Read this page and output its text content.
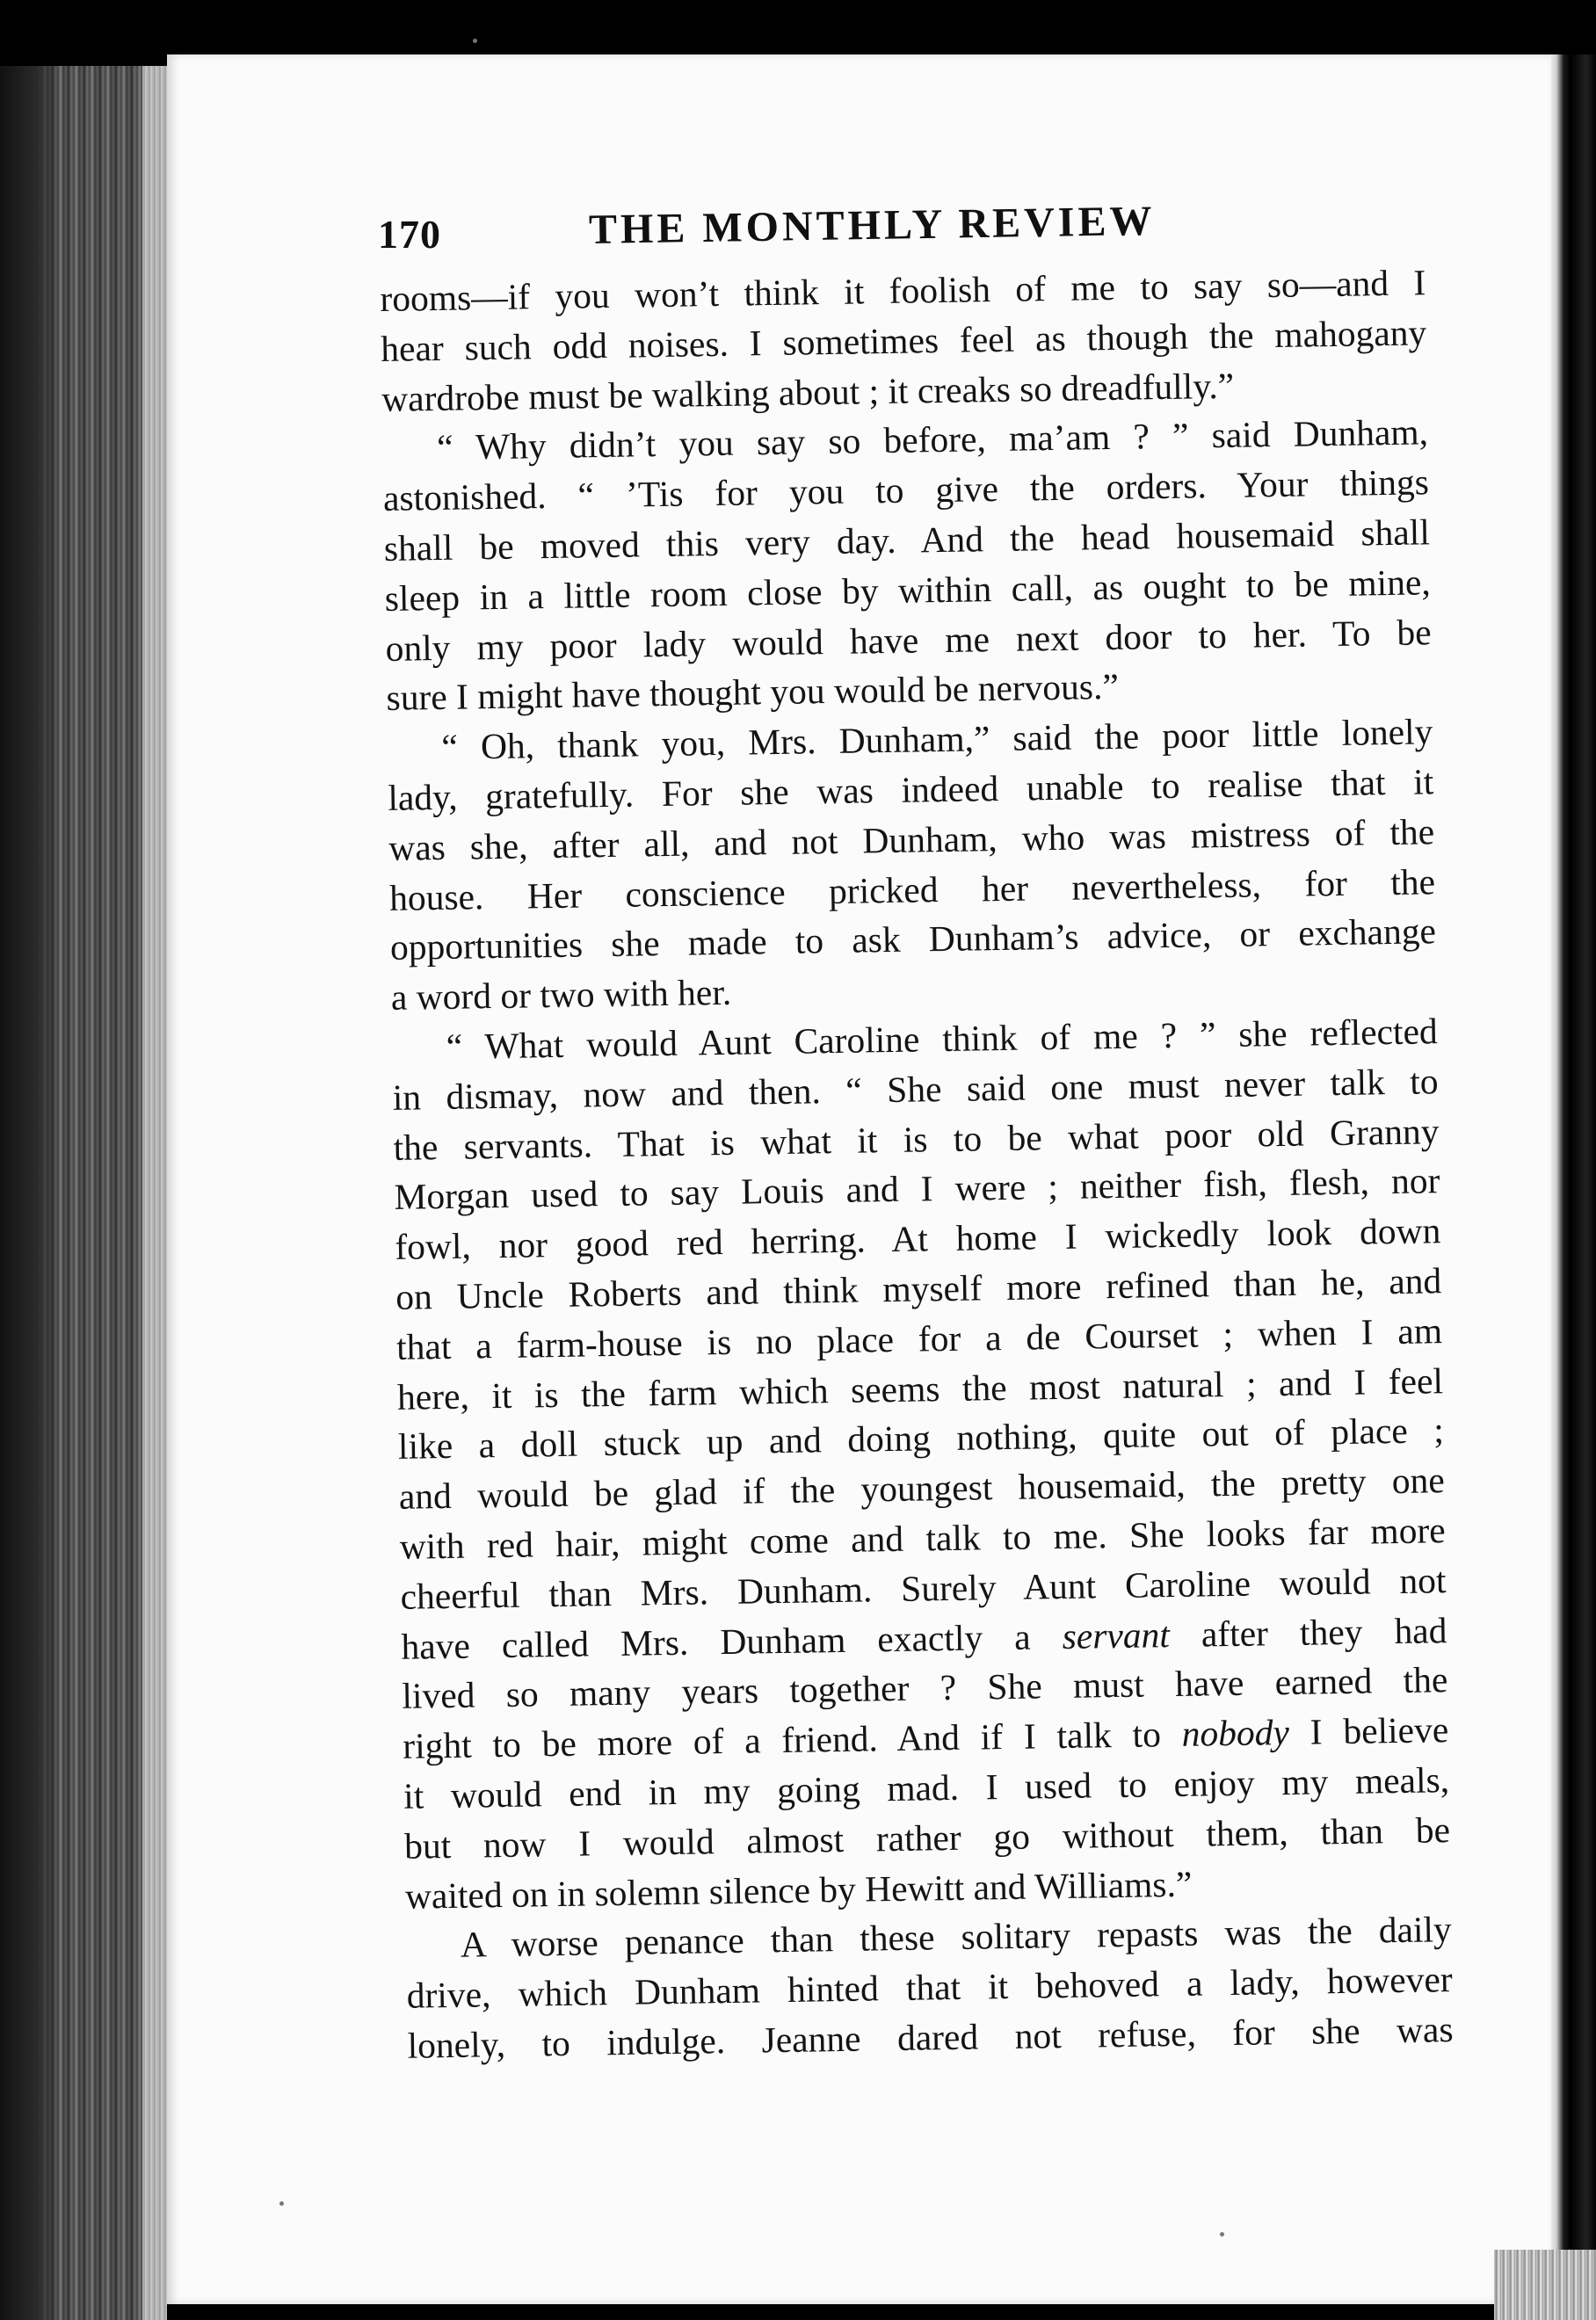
170	THE MONTHLY REVIEW
rooms—if you won’t think it foolish of me to say so—and I
hear such odd noises. I sometimes feel as though the mahogany
wardrobe must be walking about ; it creaks so dreadfully.”
“ Why didn’t you say so before, ma’am ? ” said Dunham,
astonished. “ ’Tis for you to give the orders. Your things
shall be moved this very day. And the head housemaid shall
sleep in a little room close by within call, as ought to be mine,
only my poor lady would have me next door to her. To be
sure I might have thought you would be nervous.”
“ Oh, thank you, Mrs. Dunham,” said the poor little lonely
lady, gratefully. For she was indeed unable to realise that it
was she, after all, and not Dunham, who was mistress of the
house. Her conscience pricked her nevertheless, for the
opportunities she made to ask Dunham’s advice, or exchange
a word or two with her.
“ What would Aunt Caroline think of me ? ” she reflected
in dismay, now and then. “ She said one must never talk to
the servants. That is what it is to be what poor old Granny
Morgan used to say Louis and I were ; neither fish, flesh, nor
fowl, nor good red herring. At home I wickedly look down
on Uncle Roberts and think myself more refined than he, and
that a farm-house is no place for a de Courset ; when I am
here, it is the farm which seems the most natural ; and I feel
like a doll stuck up and doing nothing, quite out of place ;
and would be glad if the youngest housemaid, the pretty one
with red hair, might come and talk to me. She looks far more
cheerful than Mrs. Dunham. Surely Aunt Caroline would not
have called Mrs. Dunham exactly a servant after they had
lived so many years together ? She must have earned the
right to be more of a friend. And if I talk to nobody I believe
it would end in my going mad. I used to enjoy my meals,
but now I would almost rather go without them, than be
waited on in solemn silence by Hewitt and Williams.”
A worse penance than these solitary repasts was the daily
drive, which Dunham hinted that it behoved a lady, however
lonely, to indulge. Jeanne dared not refuse, for she was
